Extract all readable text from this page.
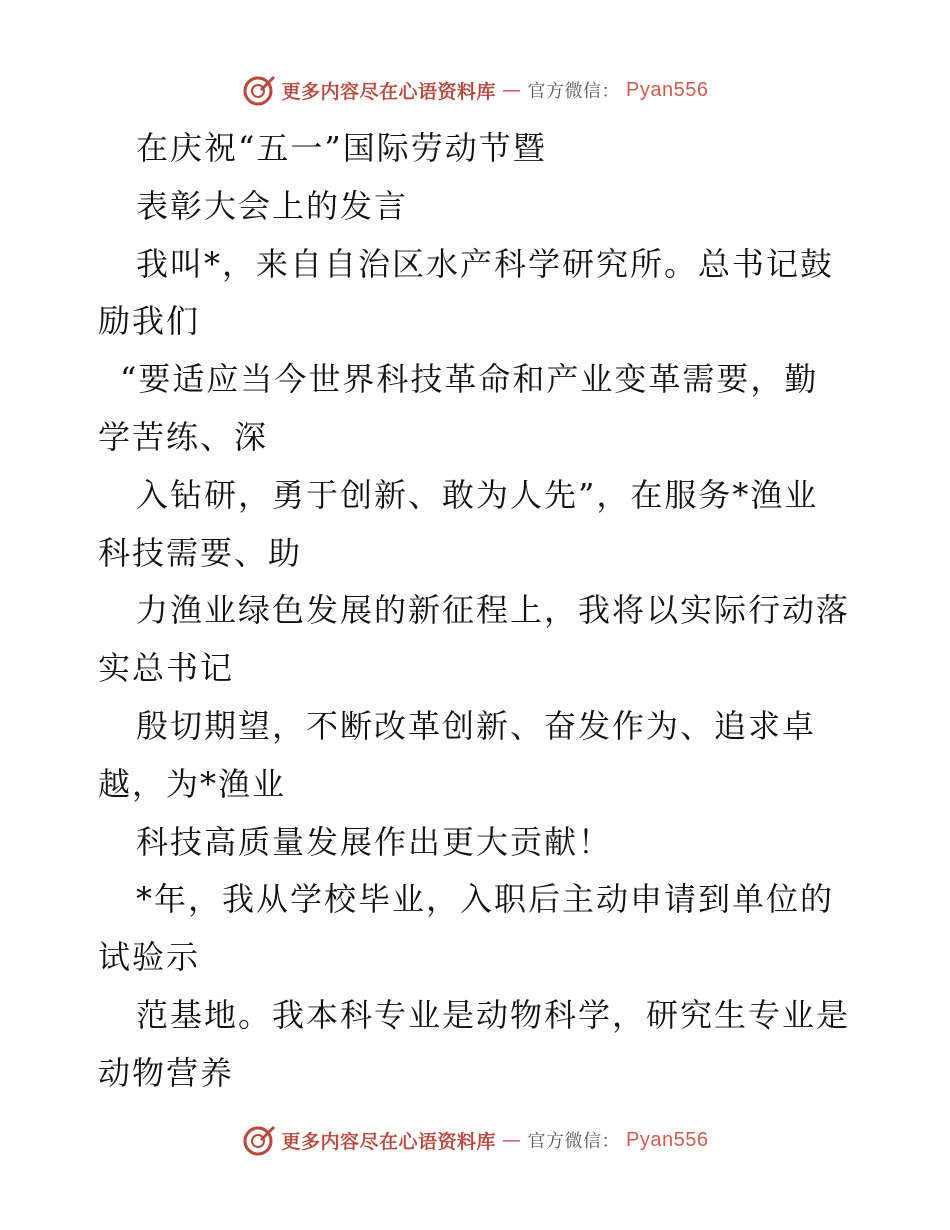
更多内容尽在心语资料库 — 官方微信： Pyan556
在庆祝“五一”国际劳动节暨
表彰大会上的发言
我叫*，来自自治区水产科学研究所。总书记鼓
励我们
“要适应当今世界科技革命和产业变革需要，勤
学苦练、深
入钻研，勇于创新、敢为人先”，在服务*渔业
科技需要、助
力渔业绿色发展的新征程上，我将以实际行动落
实总书记
殷切期望，不断改革创新、奋发作为、追求卓
越，为*渔业
科技高质量发展作出更大贡献！
*年，我从学校毕业，入职后主动申请到单位的
试验示
范基地。我本科专业是动物科学，研究生专业是
动物营养
更多内容尽在心语资料库 — 官方微信： Pyan556
